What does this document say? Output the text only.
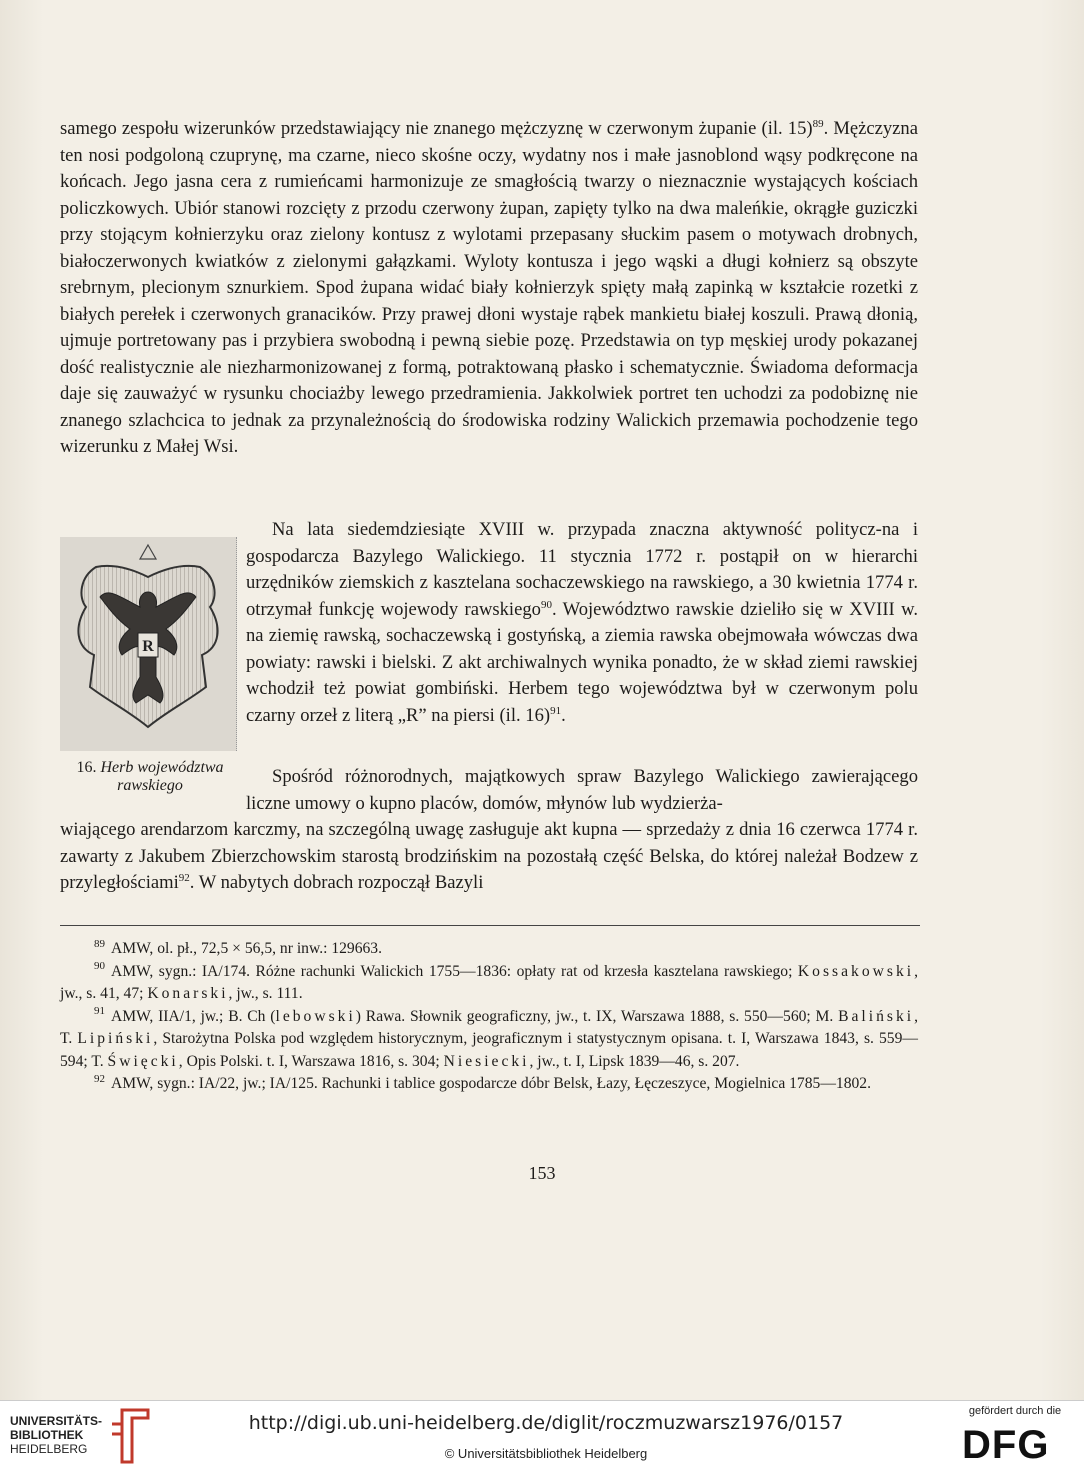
samego zespołu wizerunków przedstawiający nie znanego mężczyznę w czerwonym żupanie (il. 15)$^{89}$. Mężczyzna ten nosi podgoloną czuprynę, ma czarne, nieco skośne oczy, wydatny nos i małe jasnoblond wąsy podkręcone na końcach. Jego jasna cera z rumieńcami harmonizuje ze smagłością twarzy o nieznacznie wystających kościach policzkowych. Ubiór stanowi rozcięty z przodu czerwony żupan, zapięty tylko na dwa maleńkie, okrągłe guziczki przy stojącym kołnierzyku oraz zielony kontusz z wylotami przepasany słuckim pasem o motywach drobnych, białoczerwonych kwiatków z zielonymi gałązkami. Wyloty kontusza i jego wąski a długi kołnierz są obszyte srebrnym, plecionym sznurkiem. Spod żupana widać biały kołnierzyk spięty małą zapinką w kształcie rozetki z białych perełek i czerwonych granacików. Przy prawej dłoni wystaje rąbek mankietu białej koszuli. Prawą dłonią, ujmuje portretowany pas i przybiera swobodną i pewną siebie pozę. Przedstawia on typ męskiej urody pokazanej dość realistycznie ale niezharmonizowanej z formą, potraktowaną płasko i schematycznie. Świadoma deformacja daje się zauważyć w rysunku chociażby lewego przedramienia. Jakkolwiek portret ten uchodzi za podobiznę nie znanego szlachcica to jednak za przynależnością do środowiska rodziny Walickich przemawia pochodzenie tego wizerunku z Małej Wsi.

Na lata siedemdziesiąte XVIII w. przypada znaczna aktywność politycz-na i gospodarcza Bazylego Walickiego. 11 stycznia 1772 r. postąpił on w hierarchi urzędników ziemskich z kasztelana sochaczewskiego na rawskiego, a 30 kwietnia 1774 r. otrzymał funkcję wojewody rawskiego$^{90}$. Województwo rawskie dzieliło się w XVIII w. na ziemię rawską, sochaczewską i gostyńską, a ziemia rawska obejmowała wówczas dwa powiaty: rawski i bielski. Z akt archiwalnych wynika ponadto, że w skład ziemi rawskiej wchodził też powiat gombiński. Herbem tego województwa był w czerwonym polu czarny orzeł z literą „R” na piersi (il. 16)$^{91}$.

Spośród różnorodnych, majątkowych spraw Bazylego Walickiego zawierającego liczne umowy o kupno placów, domów, młynów lub wydzierża-

wiającego arendarzom karczmy, na szczególną uwagę zasługuje akt kupna — sprzedaży z dnia 16 czerwca 1774 r. zawarty z Jakubem Zbierzchowskim starostą brodzińskim na pozostałą część Belska, do której należał Bodzew z przyległościami$^{92}$. W nabytych dobrach rozpoczął Bazyli

R
16. Herb województwa rawskiego

$^{89}$ AMW, ol. pł., 72,5 × 56,5, nr inw.: 129663.

$^{90}$ AMW, sygn.: IA/174. Różne rachunki Walickich 1755—1836: opłaty rat od krzesła kasztelana rawskiego; Kossakowski, jw., s. 41, 47; Konarski, jw., s. 111.

$^{91}$ AMW, IIA/1, jw.; B. Ch (lebowski) Rawa. Słownik geograficzny, jw., t. IX, Warszawa 1888, s. 550—560; M. Baliński, T. Lipiński, Starożytna Polska pod względem historycznym, jeograficznym i statystycznym opisana. t. I, Warszawa 1843, s. 559—594; T. Święcki, Opis Polski. t. I, Warszawa 1816, s. 304; Niesiecki, jw., t. I, Lipsk 1839—46, s. 207.

$^{92}$ AMW, sygn.: IA/22, jw.; IA/125. Rachunki i tablice gospodarcze dóbr Belsk, Łazy, Łęczeszyce, Mogielnica 1785—1802.

153
UNIVERSITÄTS-
BIBLIOTHEK
HEIDELBERG
http://digi.ub.uni-heidelberg.de/diglit/roczmuzwarsz1976/0157
© Universitätsbibliothek Heidelberg
gefördert durch die
DFG
